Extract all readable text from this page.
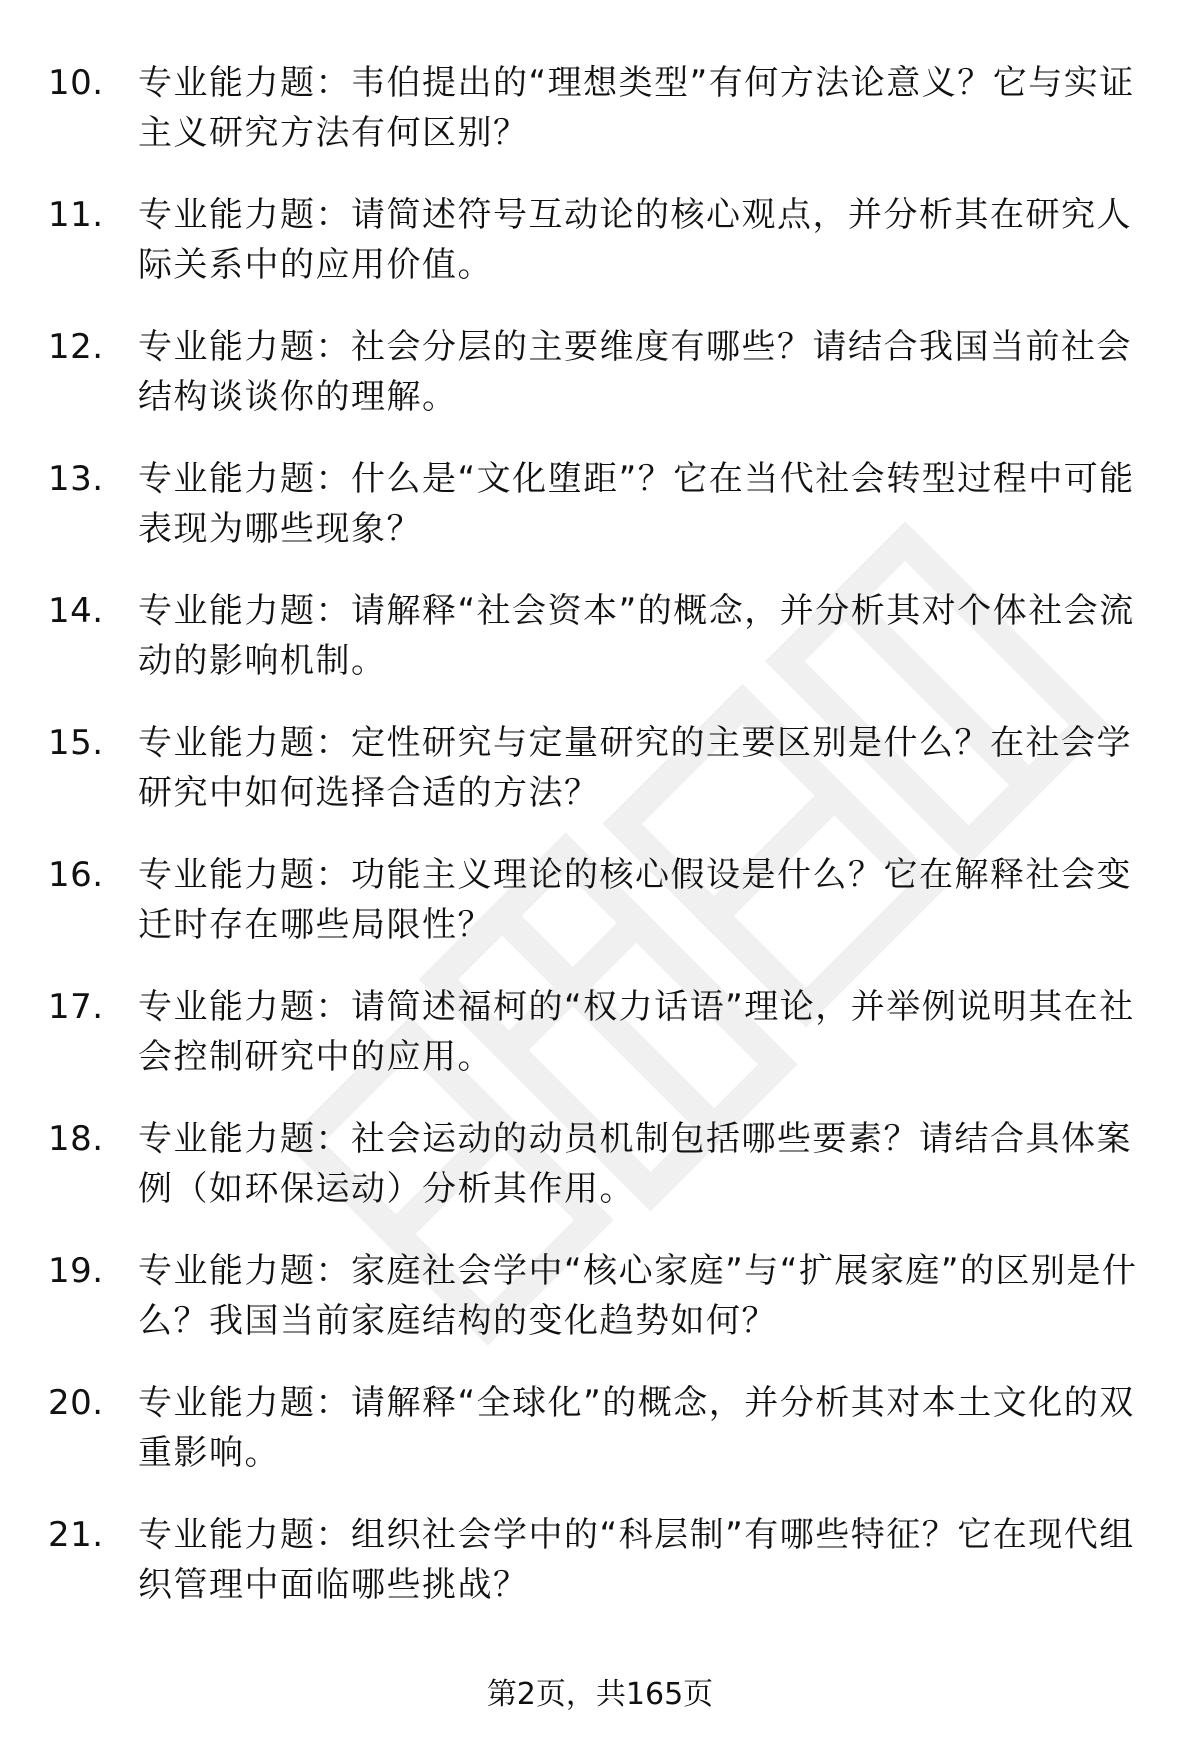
10.	专业能力题：韦伯提出的“理想类型”有何方法论意义？它与实证主义研究方法有何区别？
11.	专业能力题：请简述符号互动论的核心观点，并分析其在研究人际关系中的应用价值。
12.	专业能力题：社会分层的主要维度有哪些？请结合我国当前社会结构谈谈你的理解。
13.	专业能力题：什么是“文化堕距”？它在当代社会转型过程中可能表现为哪些现象？
14.	专业能力题：请解释“社会资本”的概念，并分析其对个体社会流动的影响机制。
15.	专业能力题：定性研究与定量研究的主要区别是什么？在社会学研究中如何选择合适的方法？
16.	专业能力题：功能主义理论的核心假设是什么？它在解释社会变迁时存在哪些局限性？
17.	专业能力题：请简述福柯的“权力话语”理论，并举例说明其在社会控制研究中的应用。
18.	专业能力题：社会运动的动员机制包括哪些要素？请结合具体案例（如环保运动）分析其作用。
19.	专业能力题：家庭社会学中“核心家庭”与“扩展家庭”的区别是什么？我国当前家庭结构的变化趋势如何？
20.	专业能力题：请解释“全球化”的概念，并分析其对本土文化的双重影响。
21.	专业能力题：组织社会学中的“科层制”有哪些特征？它在现代组织管理中面临哪些挑战？
第2页，共165页
